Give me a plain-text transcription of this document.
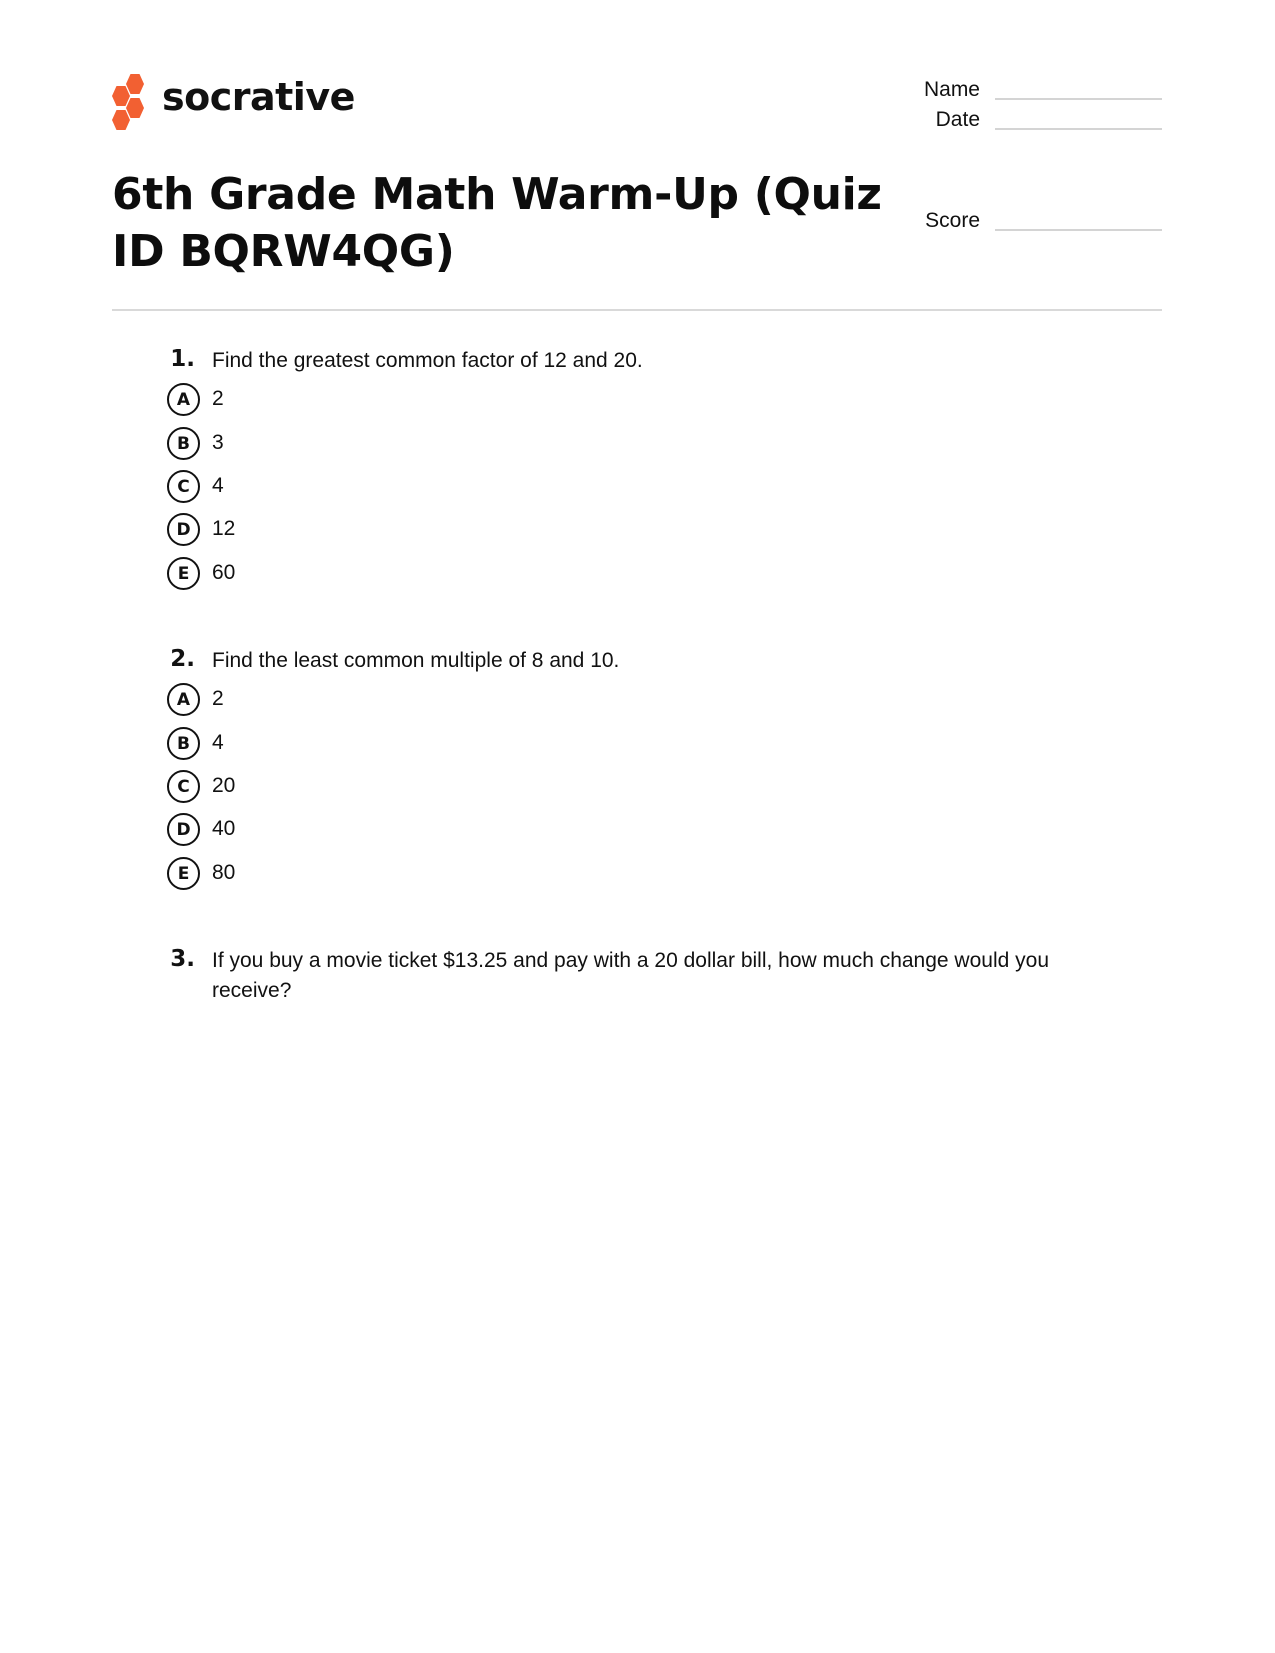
socrative	Name
Date
Score
6th Grade Math Warm-Up (Quiz ID BQRW4QG)
1. Find the greatest common factor of 12 and 20.
A	2
B	3
C	4
D	12
E	60
2. Find the least common multiple of 8 and 10.
A	2
B	4
C	20
D	40
E	80
3. If you buy a movie ticket $13.25 and pay with a 20 dollar bill, how much change would you receive?
